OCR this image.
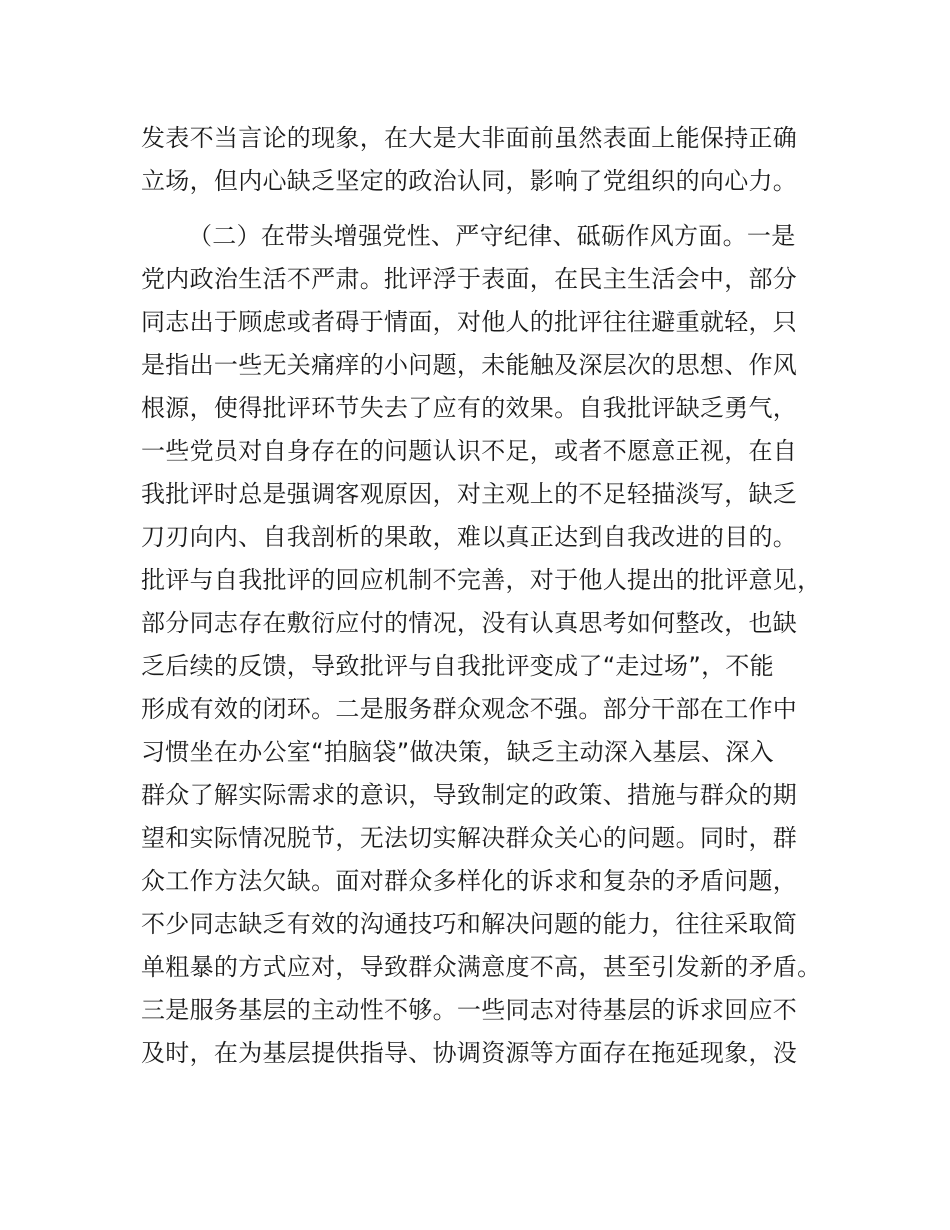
发表不当言论的现象，在大是大非面前虽然表面上能保持正确
立场，但内心缺乏坚定的政治认同，影响了党组织的向心力。
（二）在带头增强党性、严守纪律、砥砺作风方面。一是
党内政治生活不严肃。批评浮于表面，在民主生活会中，部分
同志出于顾虑或者碍于情面，对他人的批评往往避重就轻，只
是指出一些无关痛痒的小问题，未能触及深层次的思想、作风
根源，使得批评环节失去了应有的效果。自我批评缺乏勇气，
一些党员对自身存在的问题认识不足，或者不愿意正视，在自
我批评时总是强调客观原因，对主观上的不足轻描淡写，缺乏
刀刃向内、自我剖析的果敢，难以真正达到自我改进的目的。
批评与自我批评的回应机制不完善，对于他人提出的批评意见，
部分同志存在敷衍应付的情况，没有认真思考如何整改，也缺
乏后续的反馈，导致批评与自我批评变成了“走过场”，不能
形成有效的闭环。二是服务群众观念不强。部分干部在工作中
习惯坐在办公室“拍脑袋”做决策，缺乏主动深入基层、深入
群众了解实际需求的意识，导致制定的政策、措施与群众的期
望和实际情况脱节，无法切实解决群众关心的问题。同时，群
众工作方法欠缺。面对群众多样化的诉求和复杂的矛盾问题，
不少同志缺乏有效的沟通技巧和解决问题的能力，往往采取简
单粗暴的方式应对，导致群众满意度不高，甚至引发新的矛盾。
三是服务基层的主动性不够。一些同志对待基层的诉求回应不
及时，在为基层提供指导、协调资源等方面存在拖延现象，没
